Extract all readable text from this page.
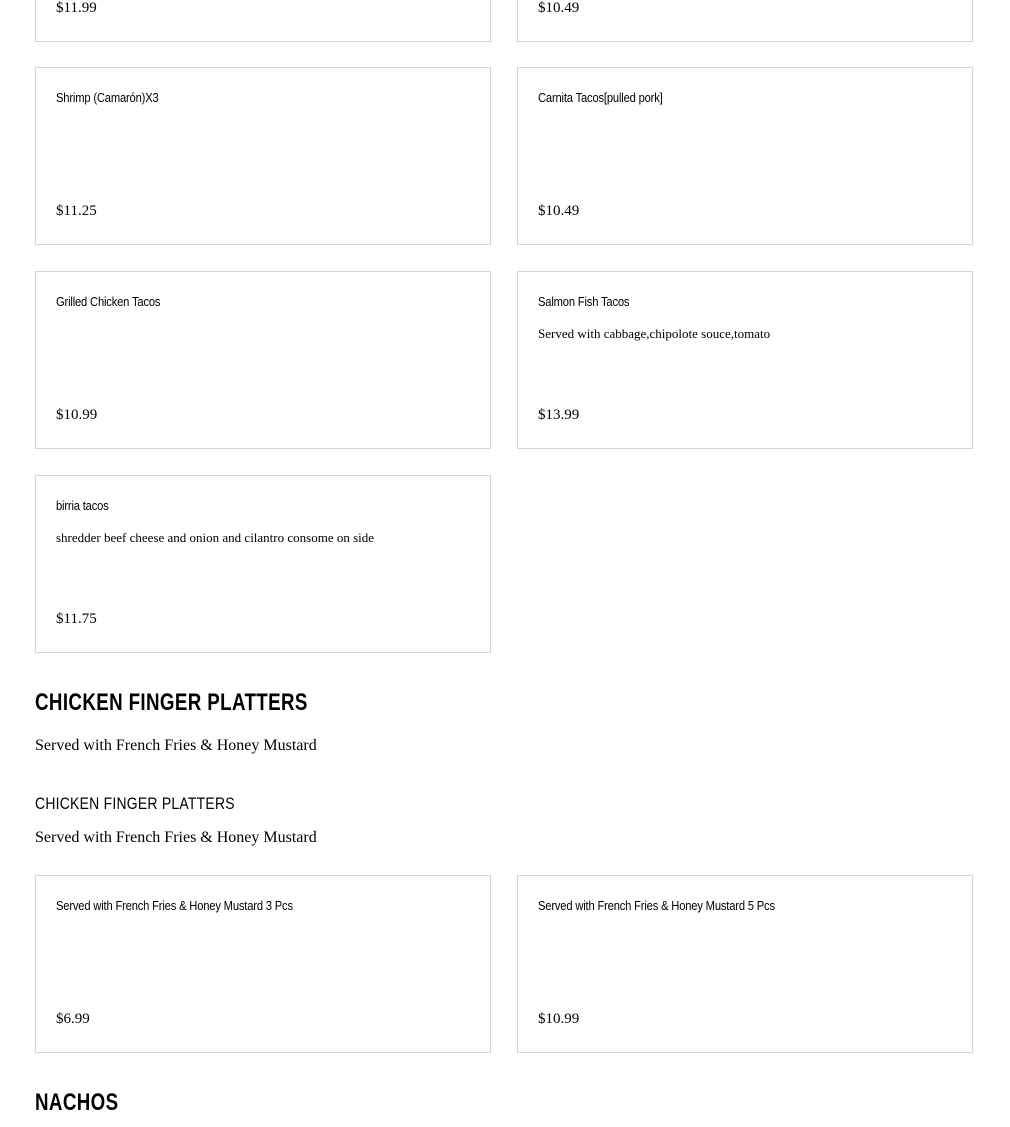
$11.99	$10.49
Shrimp (Camarón)X3
$11.25
Carnita Tacos[pulled pork]
$10.49
Grilled Chicken Tacos
$10.99
Salmon Fish Tacos
Served with cabbage,chipolote souce,tomato
$13.99
birria tacos
shredder beef cheese and onion and cilantro consome on side
$11.75
CHICKEN FINGER PLATTERS
Served with French Fries & Honey Mustard
CHICKEN FINGER PLATTERS
Served with French Fries & Honey Mustard
Served with French Fries & Honey Mustard 3 Pcs
$6.99
Served with French Fries & Honey Mustard 5 Pcs
$10.99
NACHOS
